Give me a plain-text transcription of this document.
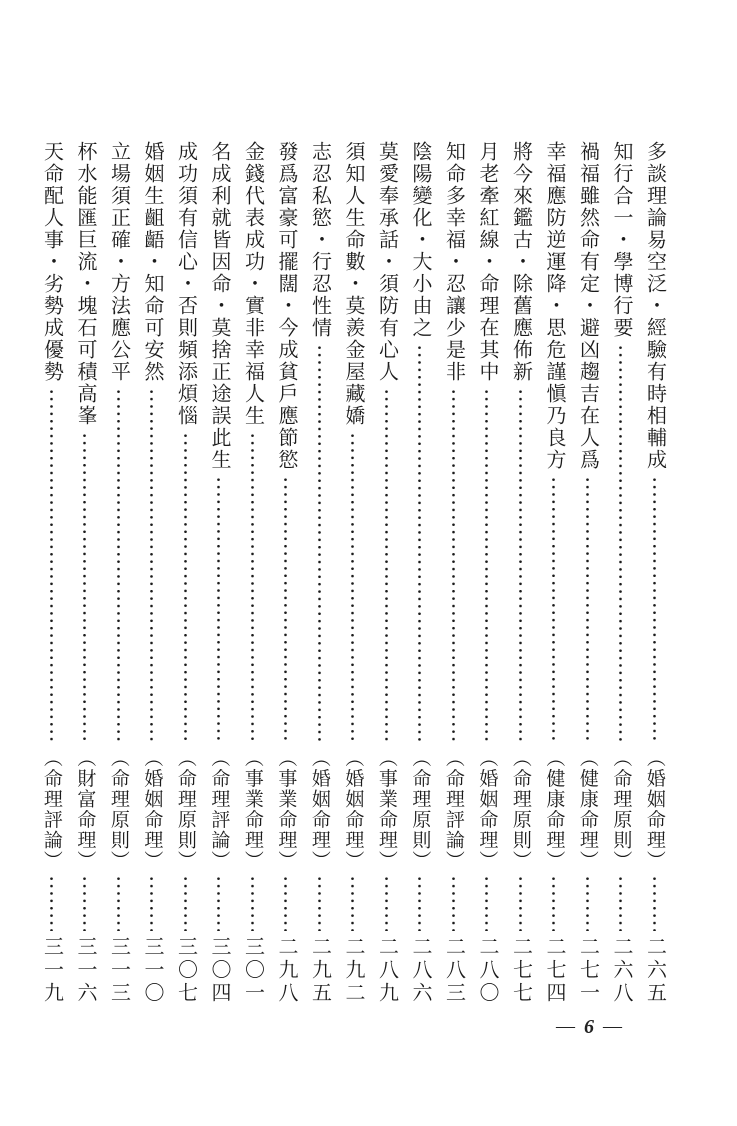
多談理論易空泛・經驗有時相輔成
（婚姻命理）
二六五
知行合一・學博行要
（命理原則）
二六八
禍福雖然命有定・避凶趨吉在人爲
（健康命理）
二七一
幸福應防逆運降・思危謹愼乃良方
（健康命理）
二七四
將今來鑑古・除舊應佈新
（命理原則）
二七七
月老牽紅線・命理在其中
（婚姻命理）
二八〇
知命多幸福・忍讓少是非
（命理評論）
二八三
陰陽變化・大小由之
（命理原則）
二八六
莫愛奉承話・須防有心人
（事業命理）
二八九
須知人生命數・莫羨金屋藏嬌
（婚姻命理）
二九二
志忍私慾・行忍性情
（婚姻命理）
二九五
發爲富豪可擺闊・今成貧戶應節慾
（事業命理）
二九八
金錢代表成功・實非幸福人生
（事業命理）
三〇一
名成利就皆因命・莫捨正途誤此生
（命理評論）
三〇四
成功須有信心・否則頻添煩惱
（命理原則）
三〇七
婚姻生齟齬・知命可安然
（婚姻命理）
三一〇
立場須正確・方法應公平
（命理原則）
三一三
杯水能匯巨流・塊石可積高峯
（財富命理）
三一六
天命配人事・劣勢成優勢
（命理評論）
三一九
— 6 —
